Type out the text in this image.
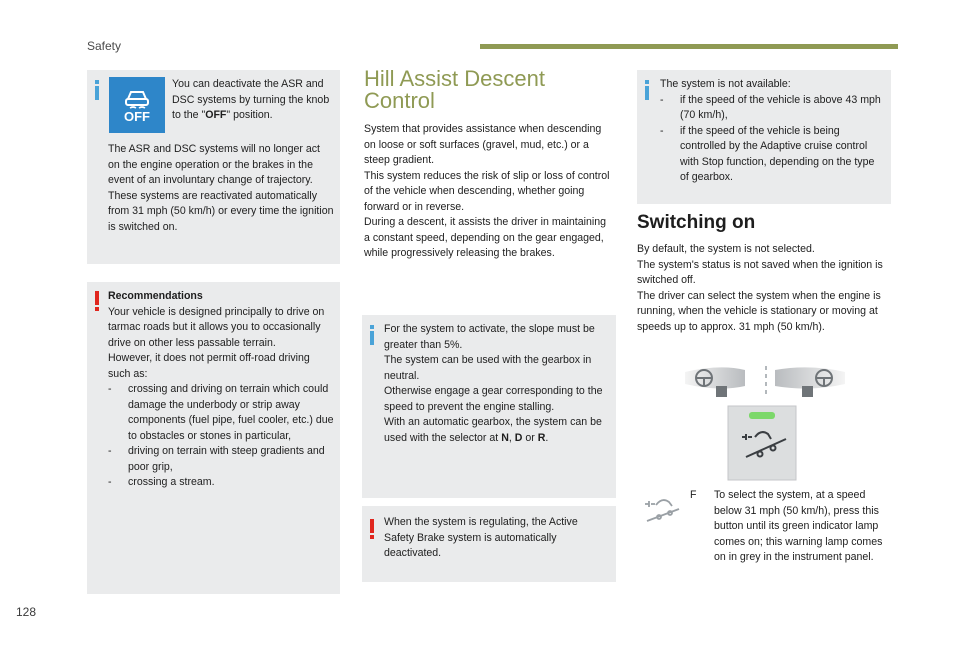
Safety
OFF
You can deactivate the ASR and DSC systems by turning the knob to the "OFF" position.

The ASR and DSC systems will no longer act on the engine operation or the brakes in the event of an involuntary change of trajectory.

These systems are reactivated automatically from 31 mph (50 km/h) or every time the ignition is switched on.

Recommendations

Your vehicle is designed principally to drive on tarmac roads but it allows you to occasionally drive on other less passable terrain.

However, it does not permit off-road driving such as:

-	crossing and driving on terrain which could damage the underbody or strip away components (fuel pipe, fuel cooler, etc.) due to obstacles or stones in particular,
-	driving on terrain with steep gradients and poor grip,
-	crossing a stream.
Hill Assist Descent
Control

System that provides assistance when descending on loose or soft surfaces (gravel, mud, etc.) or a steep gradient.

This system reduces the risk of slip or loss of control of the vehicle when descending, whether going forward or in reverse.

During a descent, it assists the driver in maintaining a constant speed, depending on the gear engaged, while progressively releasing the brakes.

For the system to activate, the slope must be greater than 5%.

The system can be used with the gearbox in neutral.

Otherwise engage a gear corresponding to the speed to prevent the engine stalling.

With an automatic gearbox, the system can be used with the selector at N, D or R.

When the system is regulating, the Active Safety Brake system is automatically deactivated.

The system is not available:

-	if the speed of the vehicle is above 43 mph (70 km/h),
-	if the speed of the vehicle is being controlled by the Adaptive cruise control with Stop function, depending on the type of gearbox.
Switching on

By default, the system is not selected.

The system's status is not saved when the ignition is switched off.

The driver can select the system when the engine is running, when the vehicle is stationary or moving at speeds up to approx. 31 mph (50 km/h).

F	To select the system, at a speed below 31 mph (50 km/h), press this button until its green indicator lamp comes on; this warning lamp comes on in grey in the instrument panel.
128
